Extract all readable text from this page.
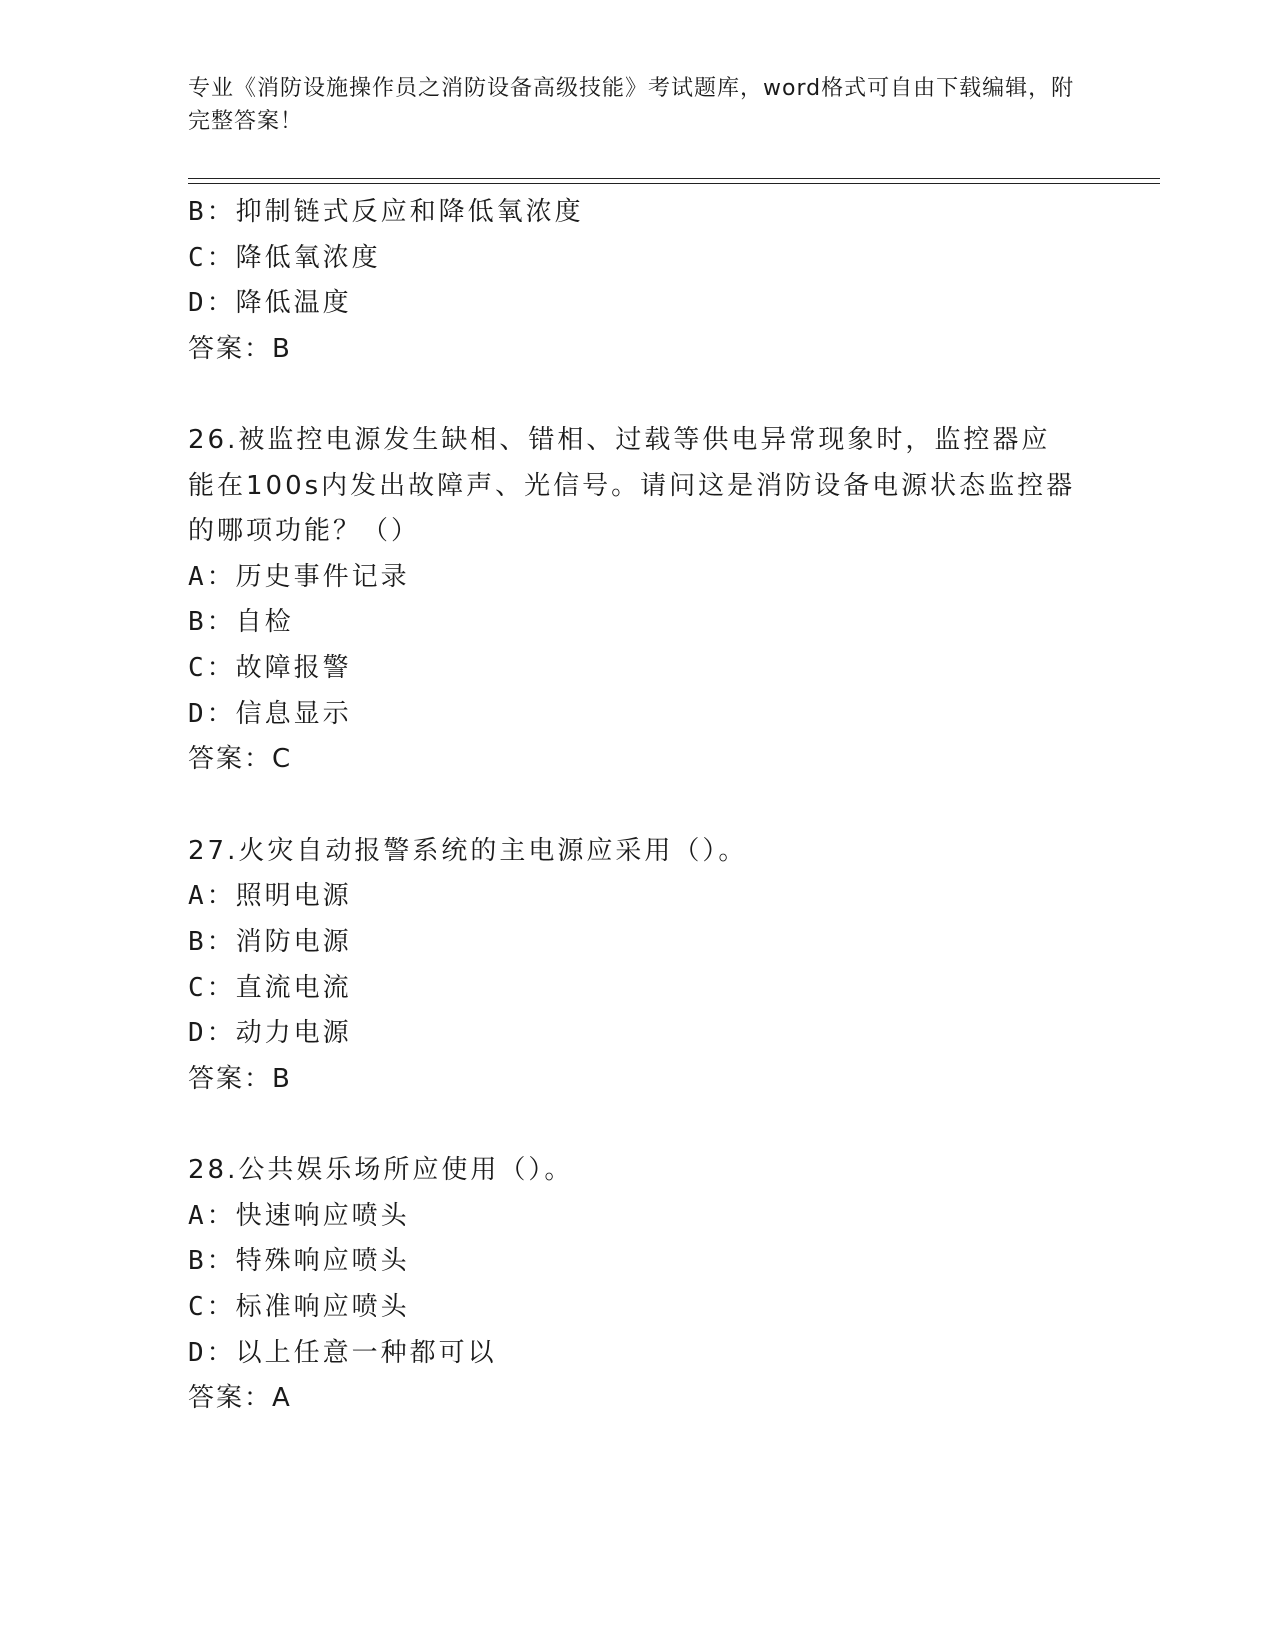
专业《消防设施操作员之消防设备高级技能》考试题库，word格式可自由下载编辑，附完整答案！
B：抑制链式反应和降低氧浓度
C：降低氧浓度
D：降低温度
答案：B
26.被监控电源发生缺相、错相、过载等供电异常现象时，监控器应能在100s内发出故障声、光信号。请问这是消防设备电源状态监控器的哪项功能？（）
A：历史事件记录
B：自检
C：故障报警
D：信息显示
答案：C
27.火灾自动报警系统的主电源应采用（）。
A：照明电源
B：消防电源
C：直流电流
D：动力电源
答案：B
28.公共娱乐场所应使用（）。
A：快速响应喷头
B：特殊响应喷头
C：标准响应喷头
D：以上任意一种都可以
答案：A
